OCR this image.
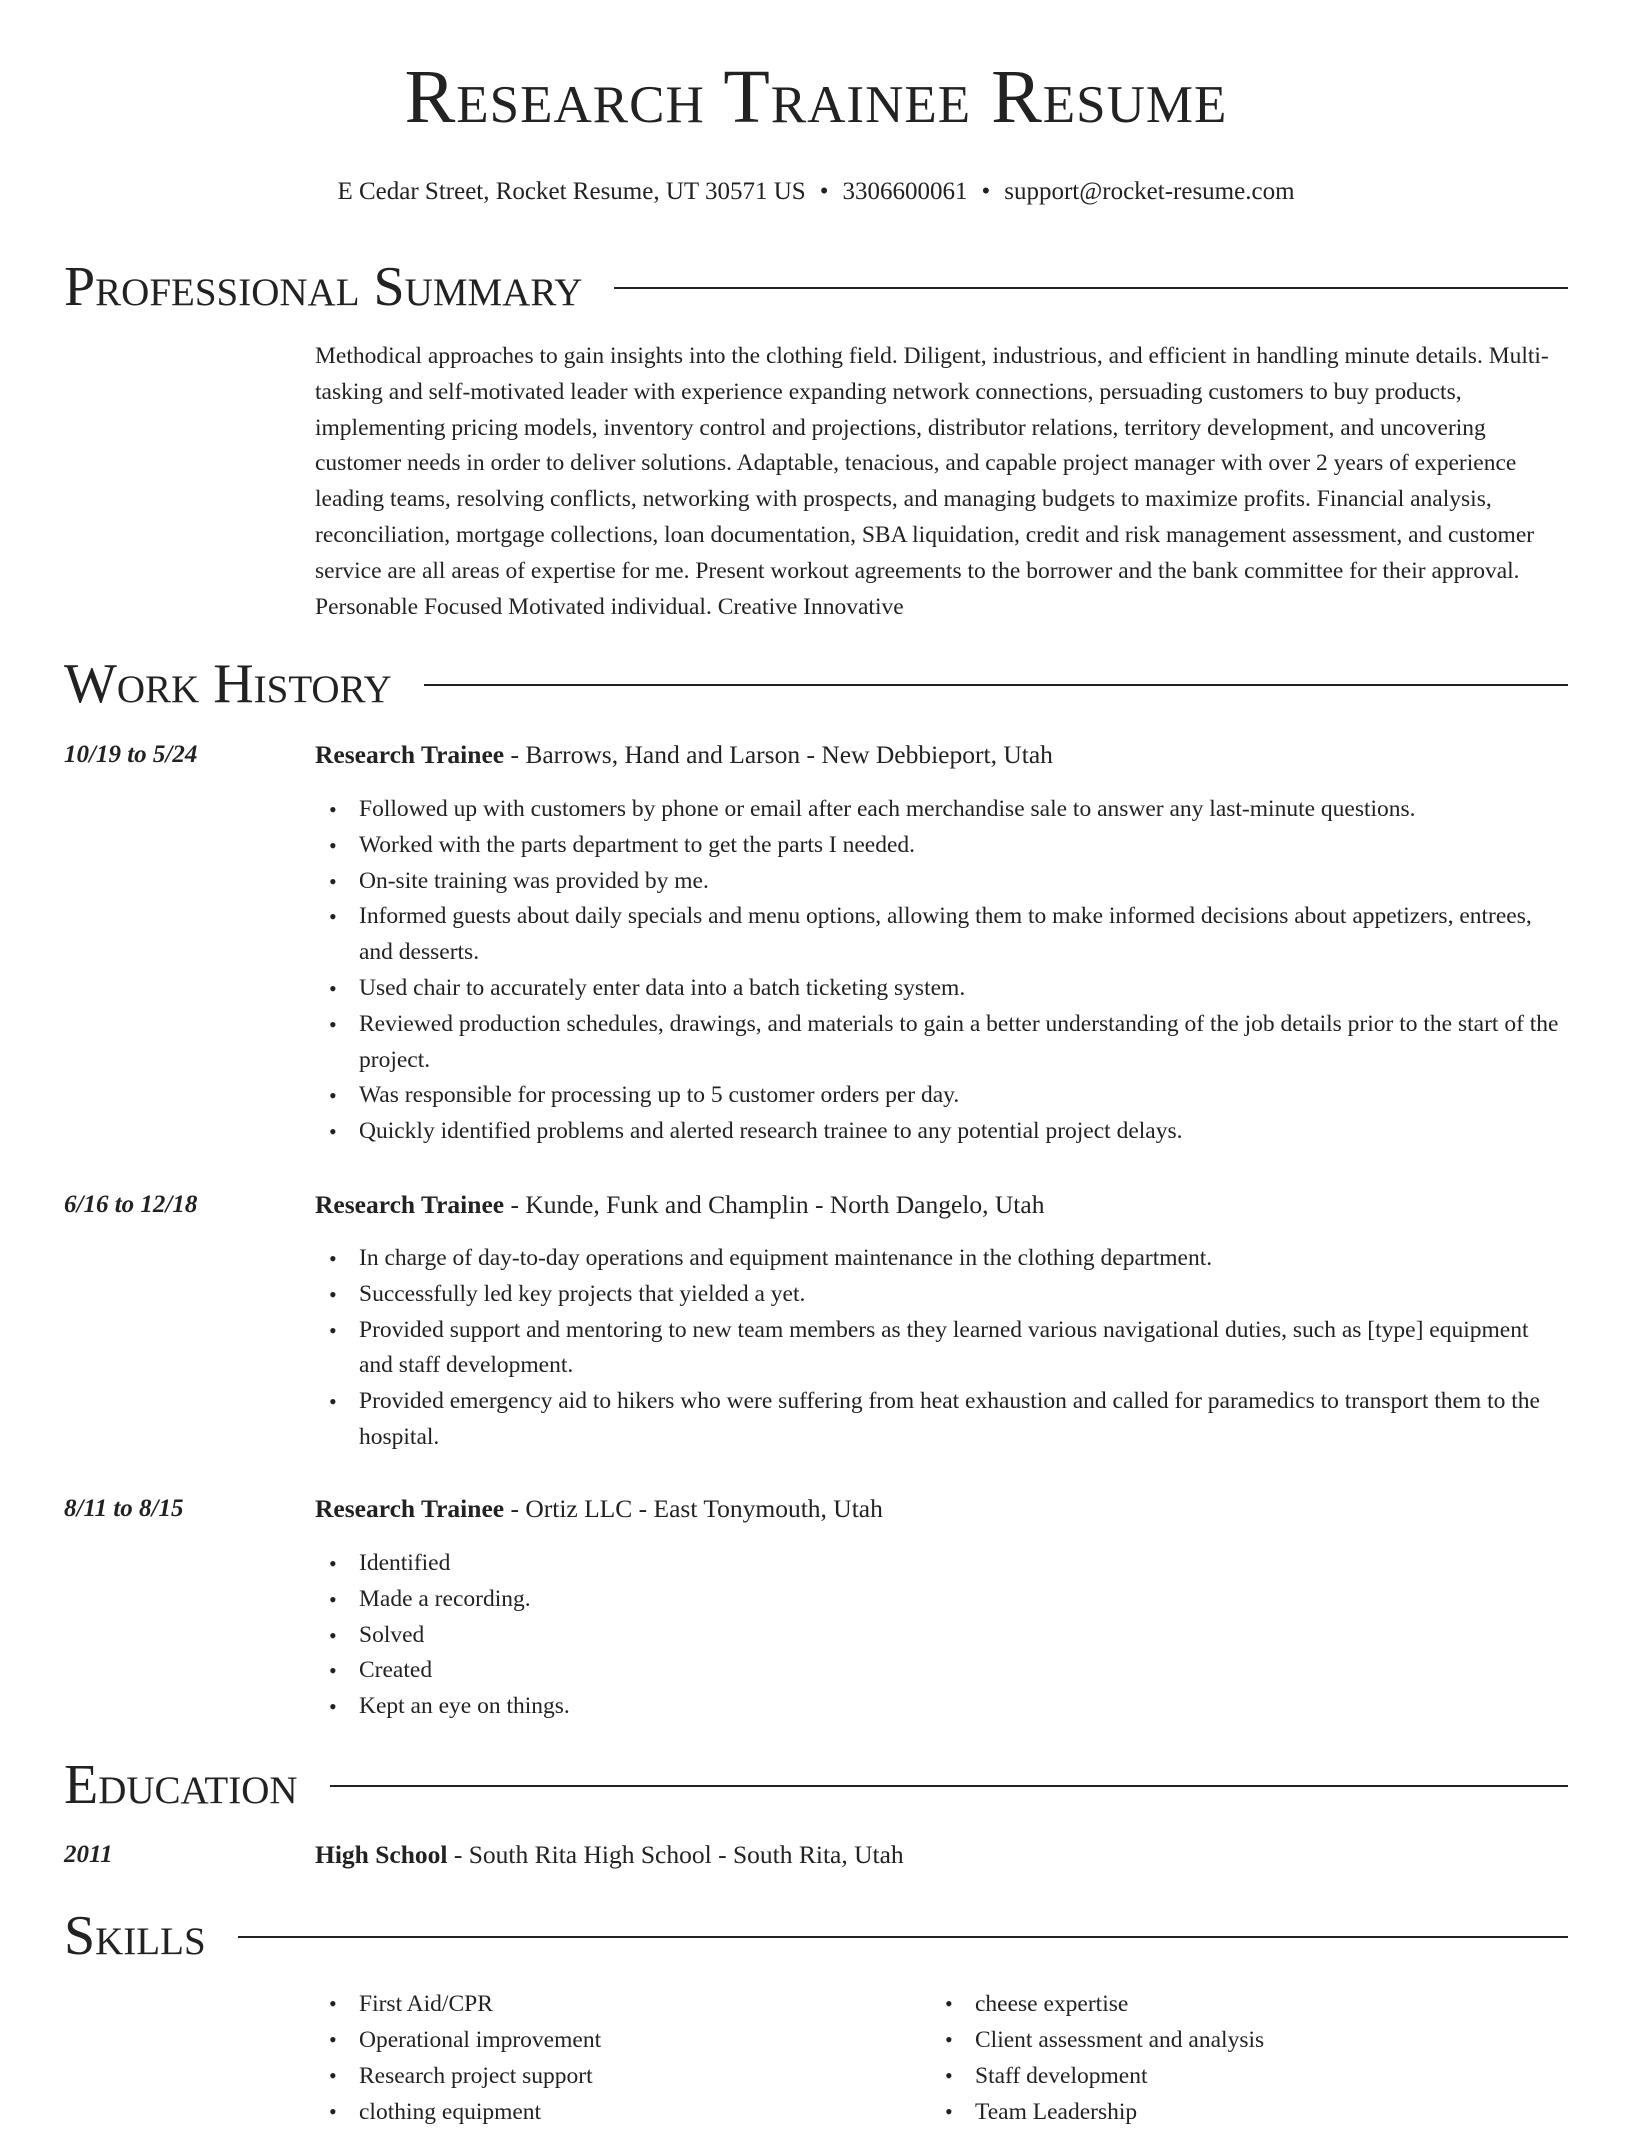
Research Trainee Resume
E Cedar Street, Rocket Resume, UT 30571 US • 3306600061 • support@rocket-resume.com
Professional Summary

Methodical approaches to gain insights into the clothing field. Diligent, industrious, and efficient in handling minute details. Multi-tasking and self-motivated leader with experience expanding network connections, persuading customers to buy products, implementing pricing models, inventory control and projections, distributor relations, territory development, and uncovering customer needs in order to deliver solutions. Adaptable, tenacious, and capable project manager with over 2 years of experience leading teams, resolving conflicts, networking with prospects, and managing budgets to maximize profits. Financial analysis, reconciliation, mortgage collections, loan documentation, SBA liquidation, credit and risk management assessment, and customer service are all areas of expertise for me. Present workout agreements to the borrower and the bank committee for their approval. Personable Focused Motivated individual. Creative Innovative

Work History
10/19 to 5/24	Research Trainee - Barrows, Hand and Larson - New Debbieport, Utah
• Followed up with customers by phone or email after each merchandise sale to answer any last-minute questions.
• Worked with the parts department to get the parts I needed.
• On-site training was provided by me.
• Informed guests about daily specials and menu options, allowing them to make informed decisions about appetizers, entrees, and desserts.
• Used chair to accurately enter data into a batch ticketing system.
• Reviewed production schedules, drawings, and materials to gain a better understanding of the job details prior to the start of the project.
• Was responsible for processing up to 5 customer orders per day.
• Quickly identified problems and alerted research trainee to any potential project delays.
6/16 to 12/18	Research Trainee - Kunde, Funk and Champlin - North Dangelo, Utah
• In charge of day-to-day operations and equipment maintenance in the clothing department.
• Successfully led key projects that yielded a yet.
• Provided support and mentoring to new team members as they learned various navigational duties, such as [type] equipment and staff development.
• Provided emergency aid to hikers who were suffering from heat exhaustion and called for paramedics to transport them to the hospital.
8/11 to 8/15	Research Trainee - Ortiz LLC - East Tonymouth, Utah
• Identified
• Made a recording.
• Solved
• Created
• Kept an eye on things.
Education
2011	High School - South Rita High School - South Rita, Utah
Skills
• First Aid/CPR
• Operational improvement
• Research project support
• clothing equipment
• cheese expertise
• Client assessment and analysis
• Staff development
• Team Leadership
